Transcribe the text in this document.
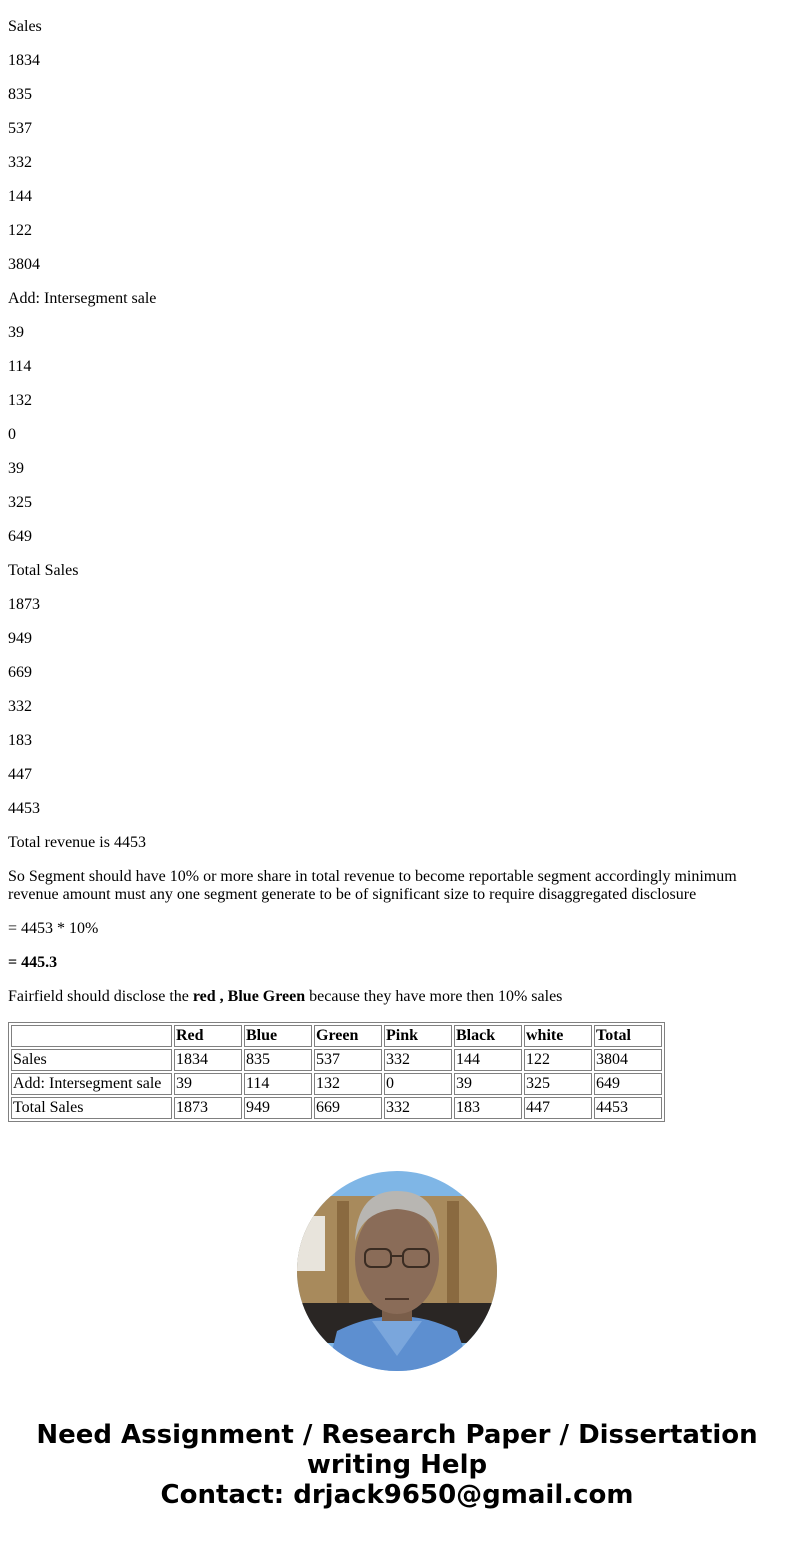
Sales

1834

835

537

332

144

122

3804

Add: Intersegment sale

39

114

132

0

39

325

649

Total Sales

1873

949

669

332

183

447

4453

Total revenue is 4453

So Segment should have 10% or more share in total revenue to become reportable segment accordingly minimum revenue amount must any one segment generate to be of significant size to require disaggregated disclosure

= 4453 * 10%

= 445.3

Fairfield should disclose the red , Blue Green because they have more then 10% sales

	Red	Blue	Green	Pink	Black	white	Total
Sales	1834	835	537	332	144	122	3804
Add: Intersegment sale	39	114	132	0	39	325	649
Total Sales	1873	949	669	332	183	447	4453
Need Assignment / Research Paper / Dissertation
writing Help
Contact: drjack9650@gmail.com
